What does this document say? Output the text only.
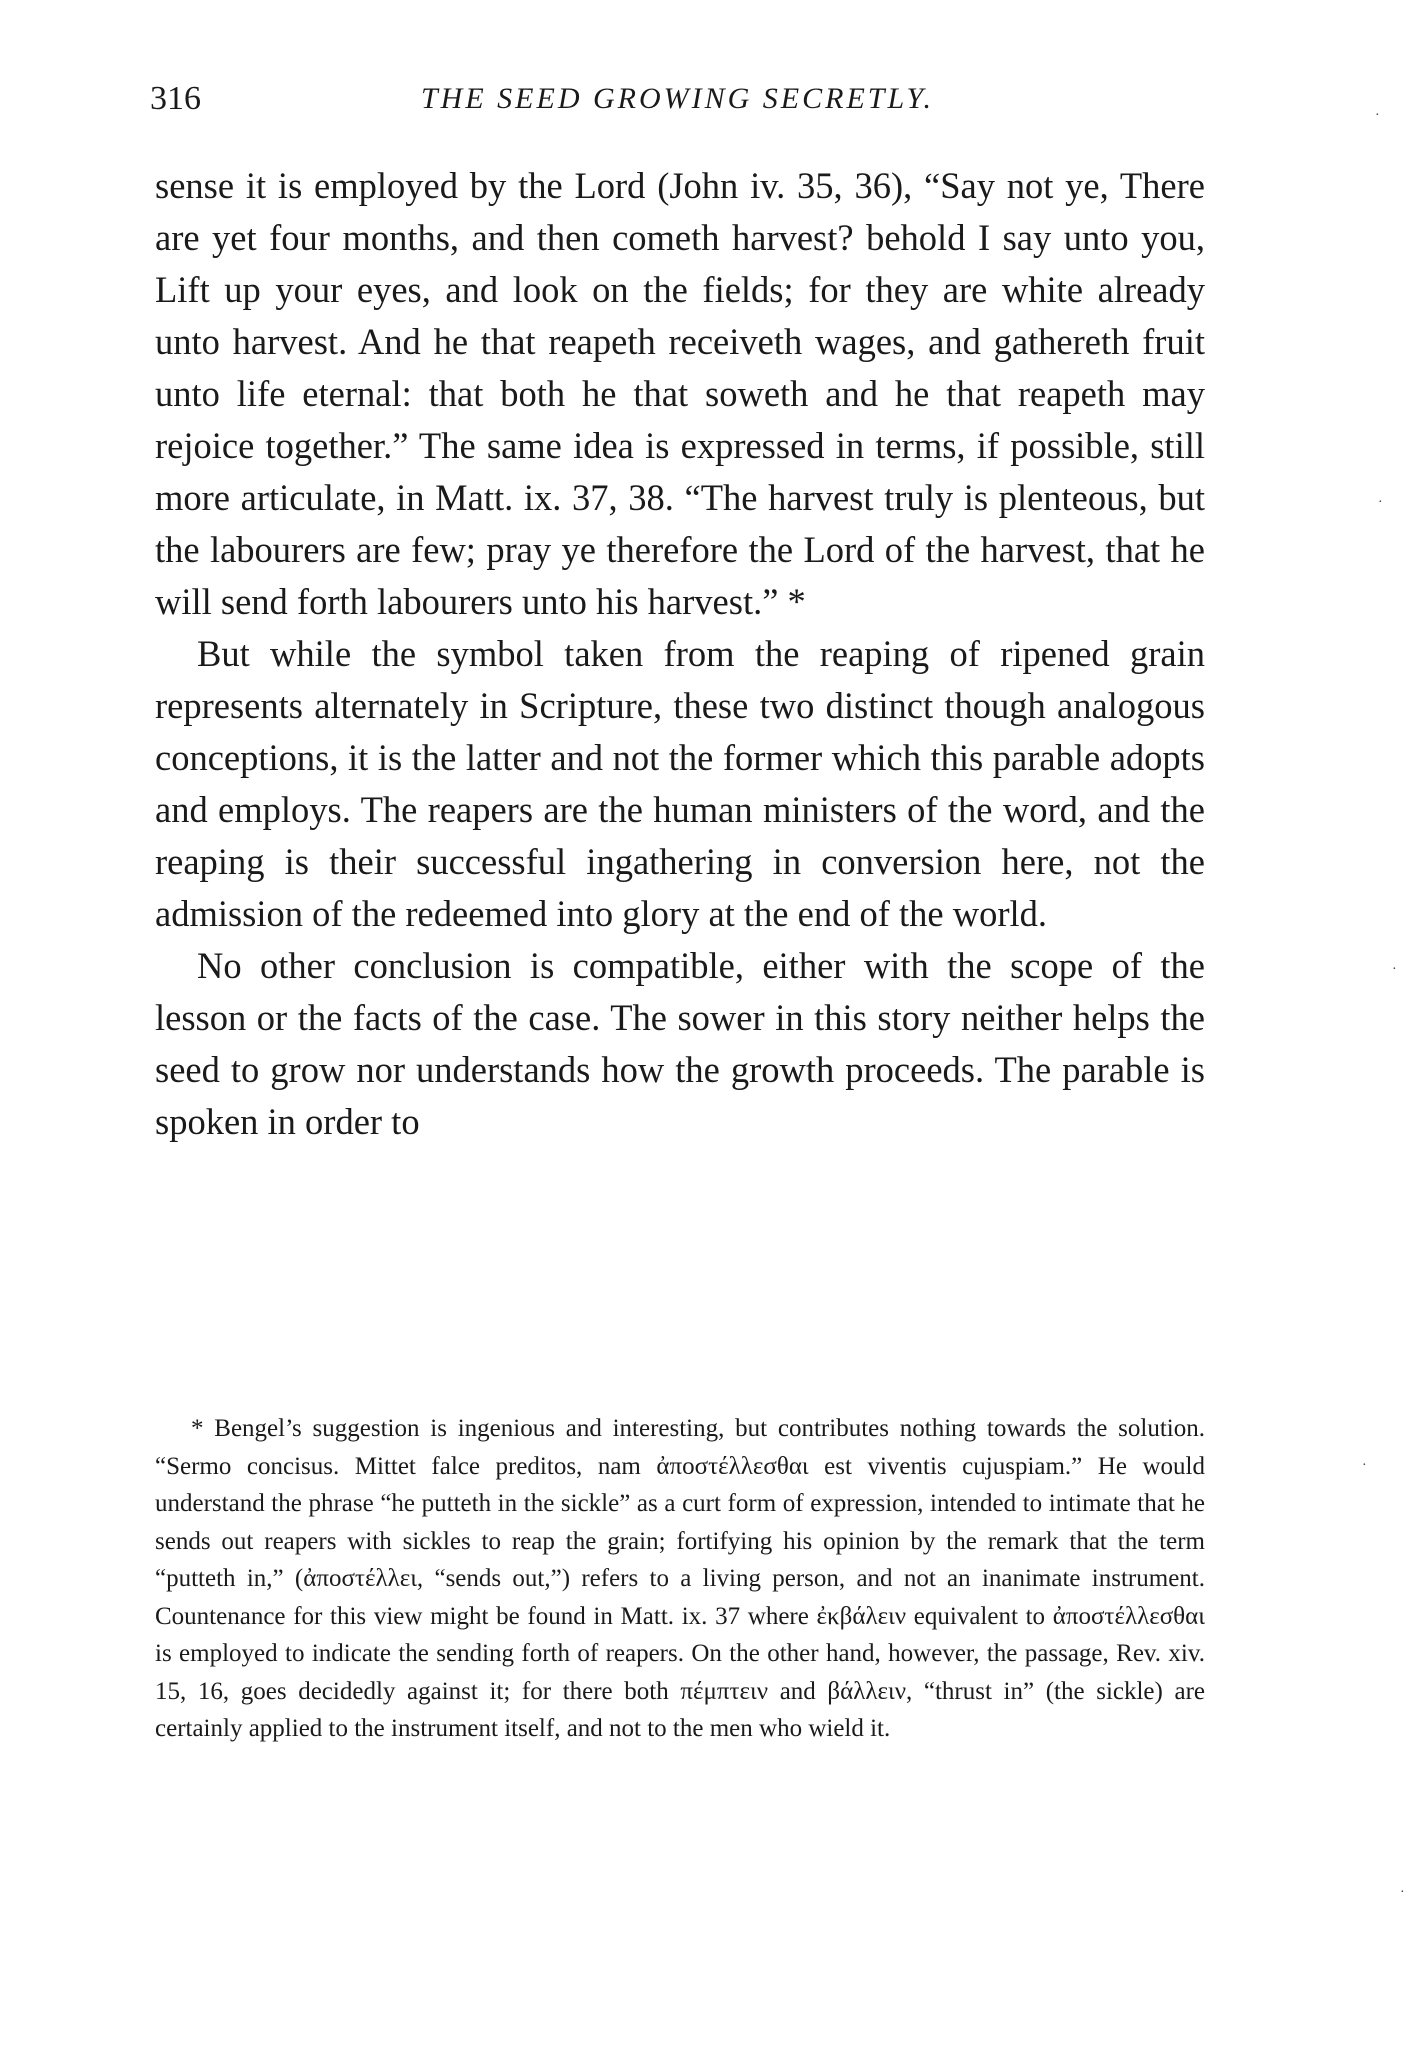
316	THE SEED GROWING SECRETLY.

sense it is employed by the Lord (John iv. 35, 36), “Say not ye, There are yet four months, and then cometh harvest? behold I say unto you, Lift up your eyes, and look on the fields; for they are white already unto harvest. And he that reapeth receiveth wages, and gathereth fruit unto life eternal: that both he that soweth and he that reapeth may rejoice together.” The same idea is expressed in terms, if possible, still more articulate, in Matt. ix. 37, 38. “The harvest truly is plenteous, but the labourers are few; pray ye therefore the Lord of the harvest, that he will send forth labourers unto his harvest.” *

But while the symbol taken from the reaping of ripened grain represents alternately in Scripture, these two distinct though analogous conceptions, it is the latter and not the former which this parable adopts and employs. The reapers are the human ministers of the word, and the reaping is their successful ingathering in conversion here, not the admission of the redeemed into glory at the end of the world.

No other conclusion is compatible, either with the scope of the lesson or the facts of the case. The sower in this story neither helps the seed to grow nor understands how the growth proceeds. The parable is spoken in order to

* Bengel’s suggestion is ingenious and interesting, but contributes nothing towards the solution. “Sermo concisus. Mittet falce preditos, nam ἀποστέλλεσθαι est viventis cujuspiam.” He would understand the phrase “he putteth in the sickle” as a curt form of expression, intended to intimate that he sends out reapers with sickles to reap the grain; fortifying his opinion by the remark that the term “putteth in,” (ἀποστέλλει, “sends out,”) refers to a living person, and not an inanimate instrument. Countenance for this view might be found in Matt. ix. 37 where ἐκβάλειν equivalent to ἀποστέλλεσθαι is employed to indicate the sending forth of reapers. On the other hand, however, the passage, Rev. xiv. 15, 16, goes decidedly against it; for there both πέμπτειν and βάλλειν, “thrust in” (the sickle) are certainly applied to the instrument itself, and not to the men who wield it.

·
·
·
·
·
